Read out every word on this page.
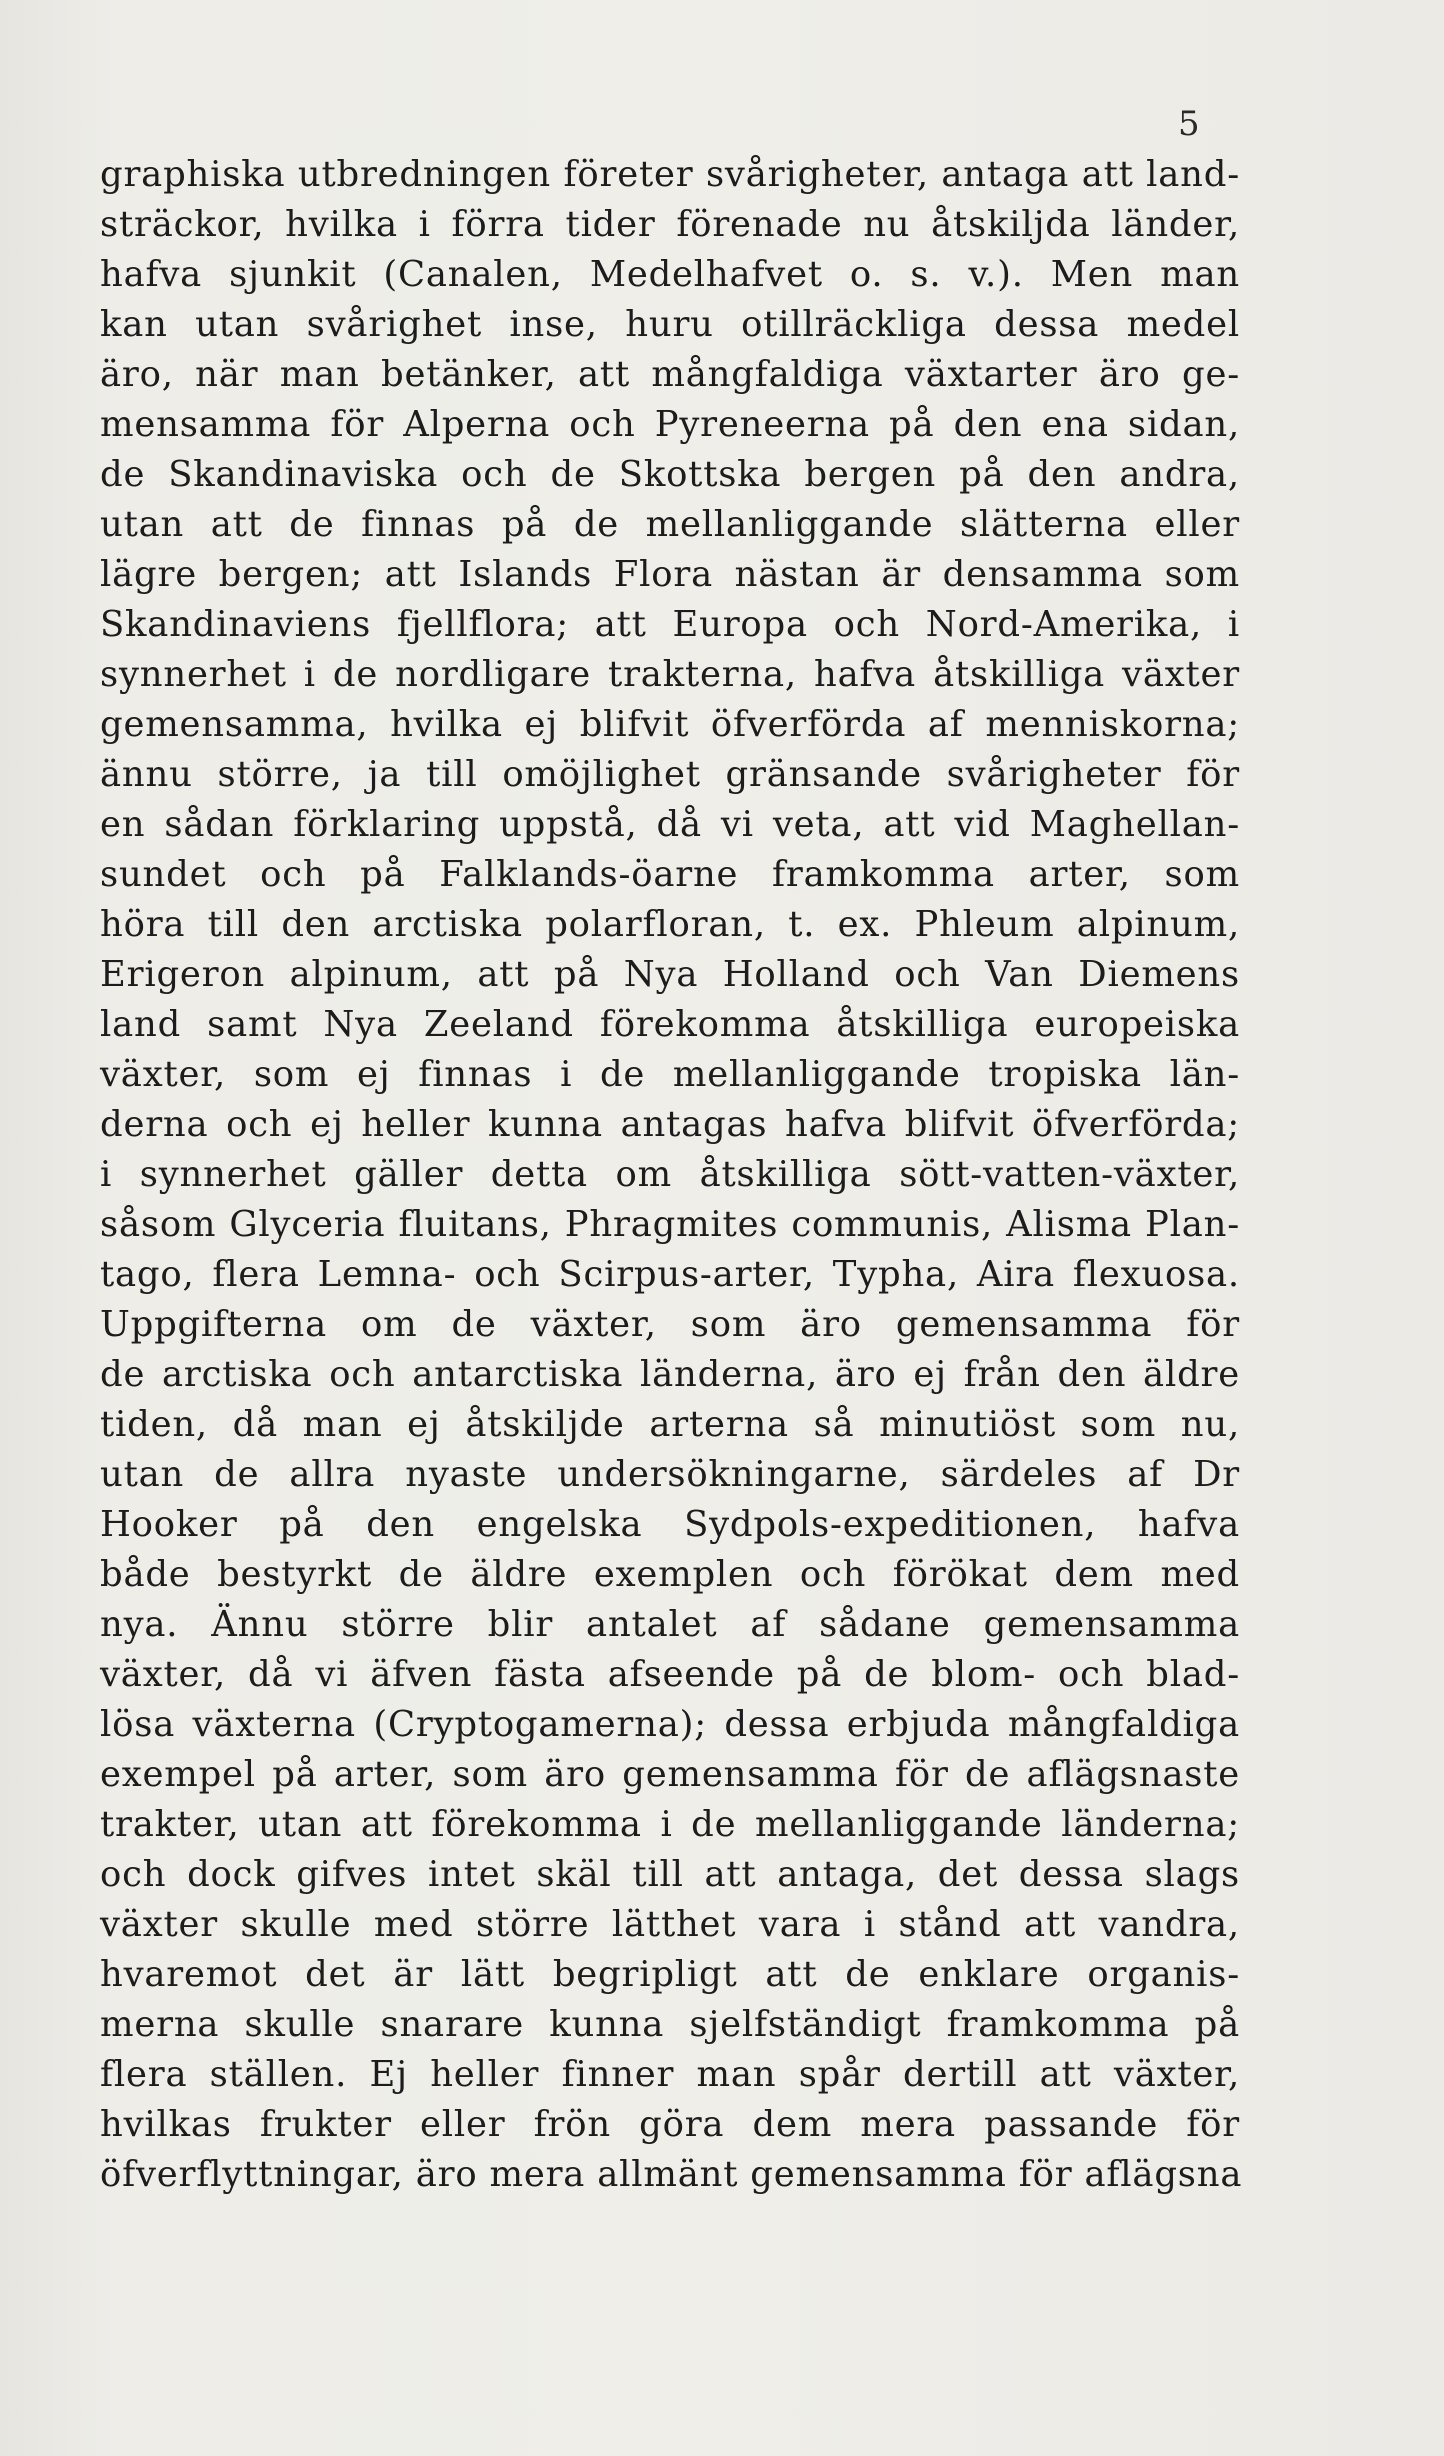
5
graphiska utbredningen företer svårigheter, antaga att land-
sträckor, hvilka i förra tider förenade nu åtskiljda länder,
hafva sjunkit (Canalen, Medelhafvet o. s. v.). Men man
kan utan svårighet inse, huru otillräckliga dessa medel
äro, när man betänker, att mångfaldiga växtarter äro ge-
mensamma för Alperna och Pyreneerna på den ena sidan,
de Skandinaviska och de Skottska bergen på den andra,
utan att de finnas på de mellanliggande slätterna eller
lägre bergen; att Islands Flora nästan är densamma som
Skandinaviens fjellflora; att Europa och Nord-Amerika, i
synnerhet i de nordligare trakterna, hafva åtskilliga växter
gemensamma, hvilka ej blifvit öfverförda af menniskorna;
ännu större, ja till omöjlighet gränsande svårigheter för
en sådan förklaring uppstå, då vi veta, att vid Maghellan-
sundet och på Falklands-öarne framkomma arter, som
höra till den arctiska polarfloran, t. ex. Phleum alpinum,
Erigeron alpinum, att på Nya Holland och Van Diemens
land samt Nya Zeeland förekomma åtskilliga europeiska
växter, som ej finnas i de mellanliggande tropiska län-
derna och ej heller kunna antagas hafva blifvit öfverförda;
i synnerhet gäller detta om åtskilliga sött-vatten-växter,
såsom Glyceria fluitans, Phragmites communis, Alisma Plan-
tago, flera Lemna- och Scirpus-arter, Typha, Aira flexuosa.
Uppgifterna om de växter, som äro gemensamma för
de arctiska och antarctiska länderna, äro ej från den äldre
tiden, då man ej åtskiljde arterna så minutiöst som nu,
utan de allra nyaste undersökningarne, särdeles af Dr
Hooker på den engelska Sydpols-expeditionen, hafva
både bestyrkt de äldre exemplen och förökat dem med
nya. Ännu större blir antalet af sådane gemensamma
växter, då vi äfven fästa afseende på de blom- och blad-
lösa växterna (Cryptogamerna); dessa erbjuda mångfaldiga
exempel på arter, som äro gemensamma för de aflägsnaste
trakter, utan att förekomma i de mellanliggande länderna;
och dock gifves intet skäl till att antaga, det dessa slags
växter skulle med större lätthet vara i stånd att vandra,
hvaremot det är lätt begripligt att de enklare organis-
merna skulle snarare kunna sjelfständigt framkomma på
flera ställen. Ej heller finner man spår dertill att växter,
hvilkas frukter eller frön göra dem mera passande för
öfverflyttningar, äro mera allmänt gemensamma för aflägsna
